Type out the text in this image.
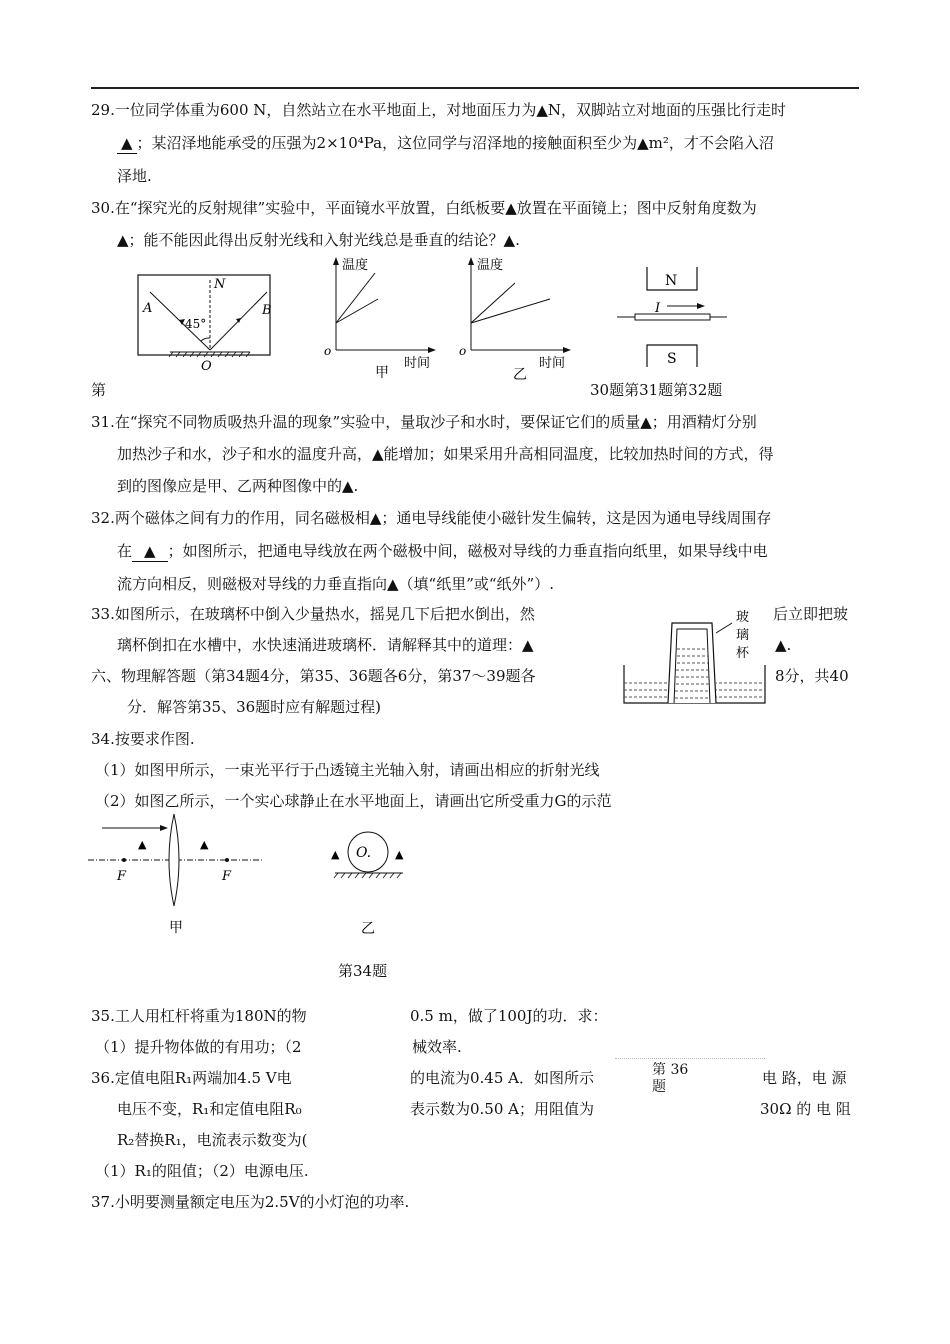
29.一位同学体重为600 N，自然站立在水平地面上，对地面压力为▲N，双脚站立对地面的压强比行走时
▲ ；某沼泽地能承受的压强为2×10⁴Pa，这位同学与沼泽地的接触面积至少为▲m²，才不会陷入沼
泽地.
30.在“探究光的反射规律”实验中，平面镜水平放置，白纸板要▲放置在平面镜上；图中反射角度数为
▲；能不能因此得出反射光线和入射光线总是垂直的结论？▲.
A	B
N
45°
O
温度
o
时间
甲
温度
o
时间
乙
N
S
I
第	30题第31题第32题
31.在“探究不同物质吸热升温的现象”实验中，量取沙子和水时，要保证它们的质量▲；用酒精灯分别
加热沙子和水，沙子和水的温度升高，▲能增加；如果采用升高相同温度，比较加热时间的方式，得
到的图像应是甲、乙两种图像中的▲.
32.两个磁体之间有力的作用，同名磁极相▲；通电导线能使小磁针发生偏转，这是因为通电导线周围存
在 ▲ ；如图所示，把通电导线放在两个磁极中间，磁极对导线的力垂直指向纸里，如果导线中电
流方向相反，则磁极对导线的力垂直指向▲（填“纸里”或“纸外”）.
33.如图所示，在玻璃杯中倒入少量热水，摇晃几下后把水倒出，然	后立即把玻
璃杯倒扣在水槽中，水快速涌进玻璃杯．请解释其中的道理：▲	▲.
玻
璃
杯
六、物理解答题（第34题4分，第35、36题各6分，第37～39题各	8分，共40
分．解答第35、36题时应有解题过程)
34.按要求作图.
（1）如图甲所示，一束光平行于凸透镜主光轴入射，请画出相应的折射光线
（2）如图乙所示，一个实心球静止在水平地面上，请画出它所受重力G的示范
▲	▲
F	F
甲
O.
▲	▲
乙
第34题
35.工人用杠杆将重为180N的物	0.5 m，做了100J的功．求：
（1）提升物体做的有用功；（2	械效率.
36.定值电阻R₁两端加4.5 V电	的电流为0.45 A．如图所示	电 路，电 源
第 36
题
电压不变，R₁和定值电阻R₀	表示数为0.50 A；用阻值为	30Ω 的 电 阻
R₂替换R₁，电流表示数变为(
（1）R₁的阻值；（2）电源电压.
37.小明要测量额定电压为2.5V的小灯泡的功率.
